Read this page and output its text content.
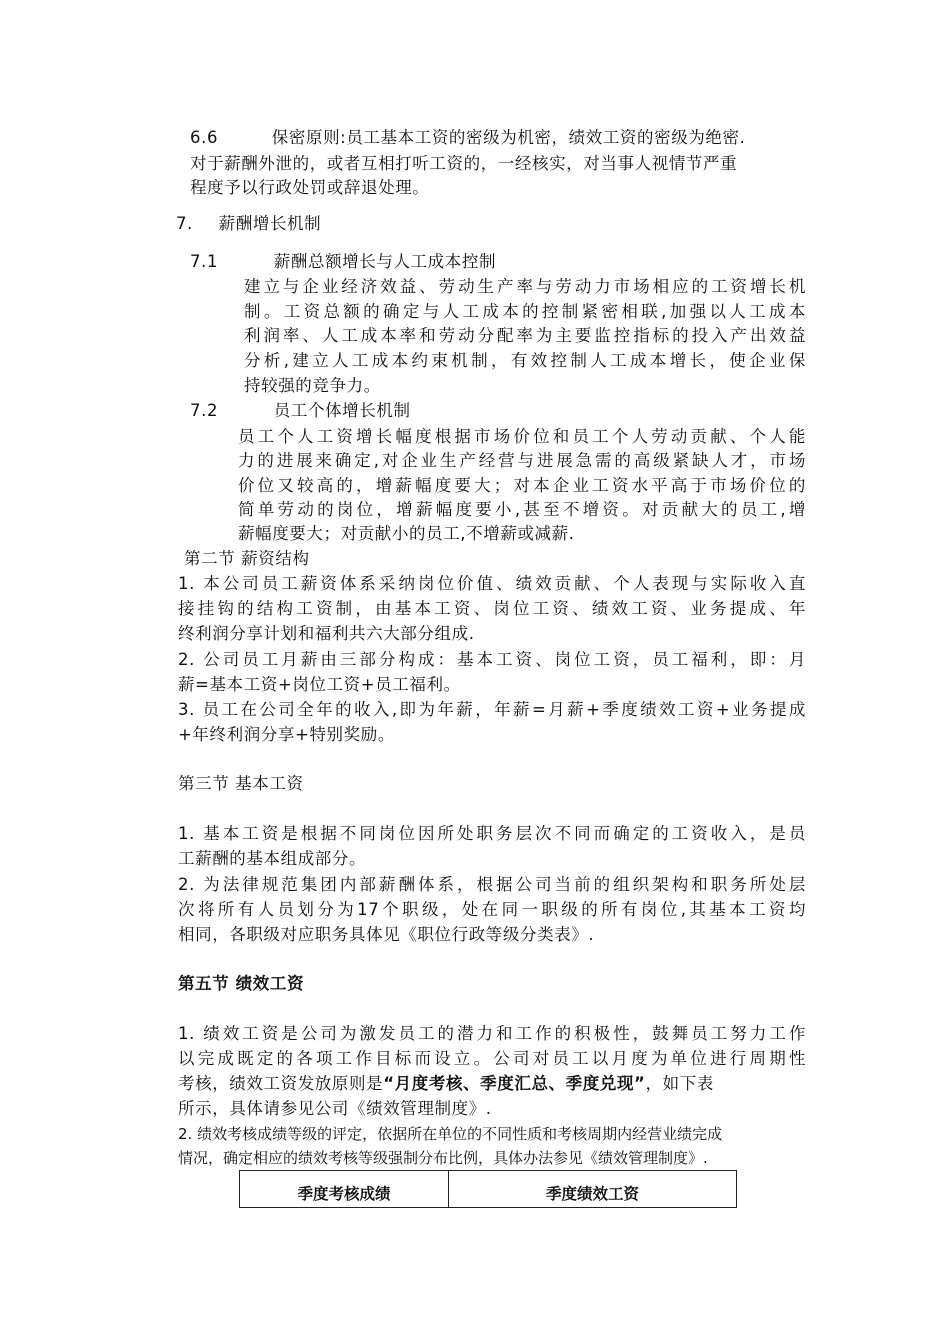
6.6	保密原则:员工基本工资的密级为机密，绩效工资的密级为绝密.
对于薪酬外泄的，或者互相打听工资的，一经核实，对当事人视情节严重
程度予以行政处罚或辞退处理。
7. 薪酬增长机制
7.1	薪酬总额增长与人工成本控制
建立与企业经济效益、劳动生产率与劳动力市场相应的工资增长机
制。工资总额的确定与人工成本的控制紧密相联,加强以人工成本
利润率、人工成本率和劳动分配率为主要监控指标的投入产出效益
分析,建立人工成本约束机制，有效控制人工成本增长，使企业保
持较强的竞争力。
7.2	员工个体增长机制
员工个人工资增长幅度根据市场价位和员工个人劳动贡献、个人能
力的进展来确定,对企业生产经营与进展急需的高级紧缺人才，市场
价位又较高的，增薪幅度要大；对本企业工资水平高于市场价位的
简单劳动的岗位，增薪幅度要小,甚至不增资。对贡献大的员工,增
薪幅度要大；对贡献小的员工,不增薪或减薪.
第二节 薪资结构
1. 本公司员工薪资体系采纳岗位价值、绩效贡献、个人表现与实际收入直
接挂钩的结构工资制，由基本工资、岗位工资、绩效工资、业务提成、年
终利润分享计划和福利共六大部分组成.
2. 公司员工月薪由三部分构成：基本工资、岗位工资，员工福利，即：月
薪=基本工资+岗位工资+员工福利。
3. 员工在公司全年的收入,即为年薪，年薪=月薪+季度绩效工资+业务提成
+年终利润分享+特别奖励。
第三节 基本工资
1. 基本工资是根据不同岗位因所处职务层次不同而确定的工资收入，是员
工薪酬的基本组成部分。
2. 为法律规范集团内部薪酬体系，根据公司当前的组织架构和职务所处层
次将所有人员划分为17个职级，处在同一职级的所有岗位,其基本工资均
相同，各职级对应职务具体见《职位行政等级分类表》.
第五节 绩效工资
1. 绩效工资是公司为激发员工的潜力和工作的积极性，鼓舞员工努力工作
以完成既定的各项工作目标而设立。公司对员工以月度为单位进行周期性
考核，绩效工资发放原则是“月度考核、季度汇总、季度兑现”，如下表
所示，具体请参见公司《绩效管理制度》.
2. 绩效考核成绩等级的评定，依据所在单位的不同性质和考核周期内经营业绩完成
情况，确定相应的绩效考核等级强制分布比例，具体办法参见《绩效管理制度》.
季度考核成绩	季度绩效工资
